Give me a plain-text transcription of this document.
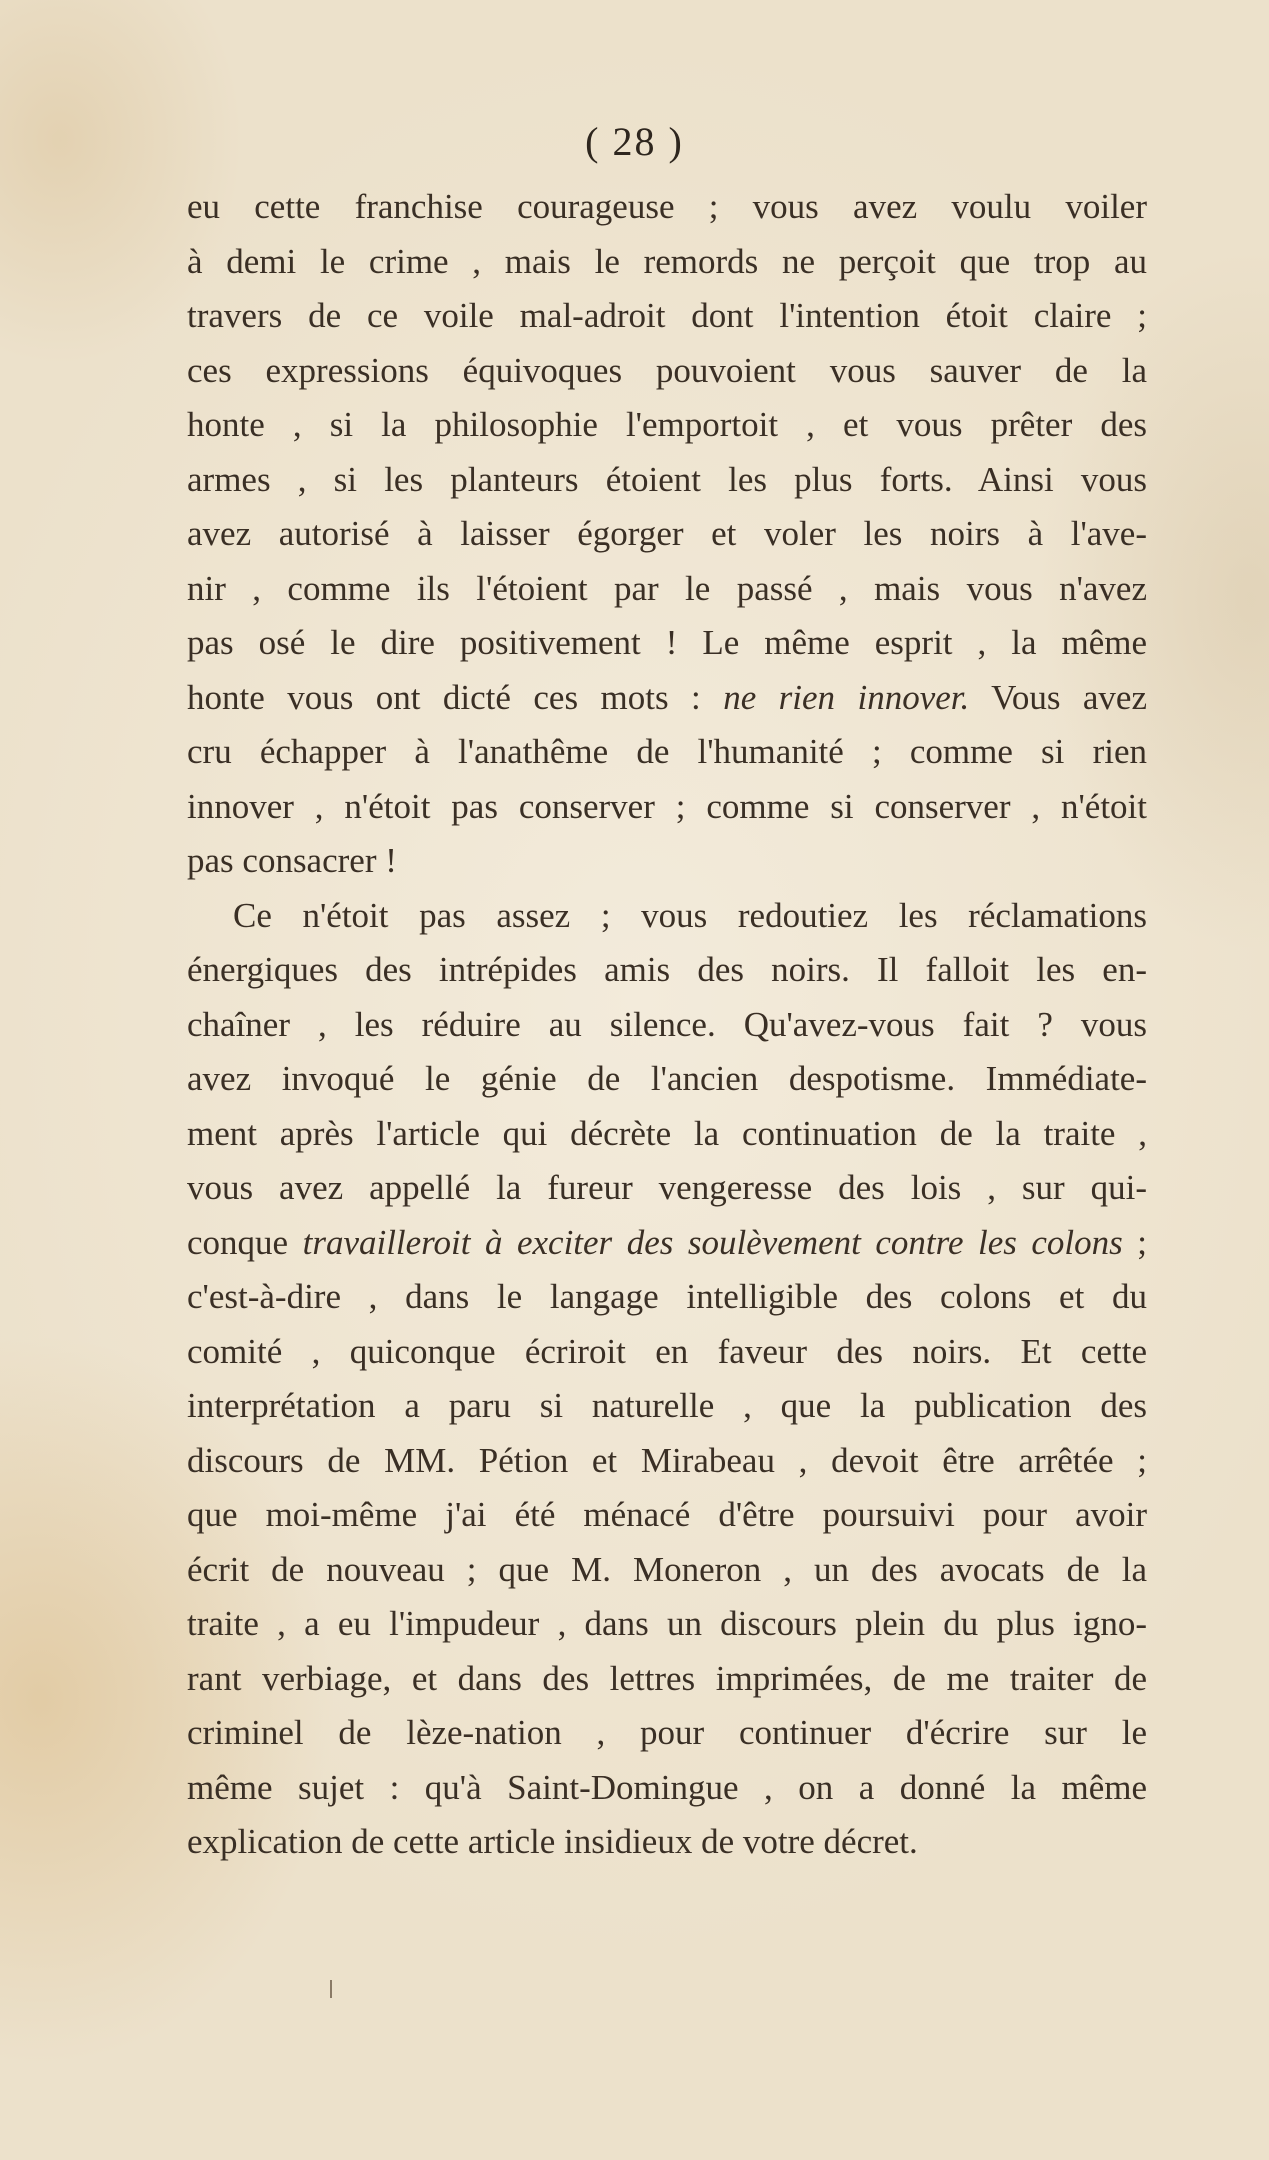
( 28 )
eu cette franchise courageuse ; vous avez voulu voiler
à demi le crime , mais le remords ne perçoit que trop au
travers de ce voile mal-adroit dont l'intention étoit claire ;
ces expressions équivoques pouvoient vous sauver de la
honte , si la philosophie l'emportoit , et vous prêter des
armes , si les planteurs étoient les plus forts. Ainsi vous
avez autorisé à laisser égorger et voler les noirs à l'ave-
nir , comme ils l'étoient par le passé , mais vous n'avez
pas osé le dire positivement ! Le même esprit , la même
honte vous ont dicté ces mots : ne rien innover. Vous avez
cru échapper à l'anathême de l'humanité ; comme si rien
innover , n'étoit pas conserver ; comme si conserver , n'étoit
pas consacrer !
Ce n'étoit pas assez ; vous redoutiez les réclamations
énergiques des intrépides amis des noirs. Il falloit les en-
chaîner , les réduire au silence. Qu'avez-vous fait ? vous
avez invoqué le génie de l'ancien despotisme. Immédiate-
ment après l'article qui décrète la continuation de la traite ,
vous avez appellé la fureur vengeresse des lois , sur qui-
conque travailleroit à exciter des soulèvement contre les colons ;
c'est-à-dire , dans le langage intelligible des colons et du
comité , quiconque écriroit en faveur des noirs. Et cette
interprétation a paru si naturelle , que la publication des
discours de MM. Pétion et Mirabeau , devoit être arrêtée ;
que moi-même j'ai été ménacé d'être poursuivi pour avoir
écrit de nouveau ; que M. Moneron , un des avocats de la
traite , a eu l'impudeur , dans un discours plein du plus igno-
rant verbiage, et dans des lettres imprimées, de me traiter de
criminel de lèze-nation , pour continuer d'écrire sur le
même sujet : qu'à Saint-Domingue , on a donné la même
explication de cette article insidieux de votre décret.
